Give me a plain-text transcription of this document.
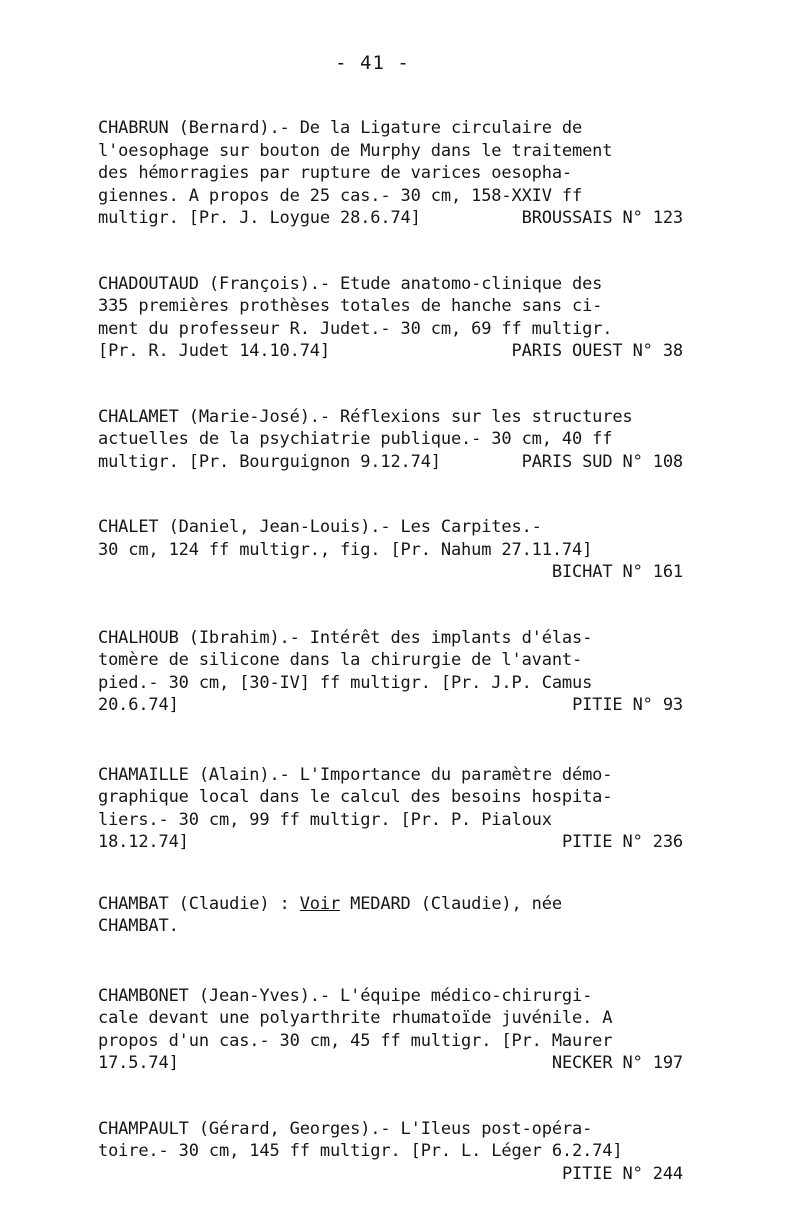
- 41 -
CHABRUN (Bernard).- De la Ligature circulaire de
l'oesophage sur bouton de Murphy dans le traitement
des hémorragies par rupture de varices oesopha-
giennes. A propos de 25 cas.- 30 cm, 158-XXIV ff
multigr. [Pr. J. Loygue 28.6.74]	BROUSSAIS N° 123
CHADOUTAUD (François).- Etude anatomo-clinique des
335 premières prothèses totales de hanche sans ci-
ment du professeur R. Judet.- 30 cm, 69 ff multigr.
[Pr. R. Judet 14.10.74]	PARIS OUEST N° 38
CHALAMET (Marie-José).- Réflexions sur les structures
actuelles de la psychiatrie publique.- 30 cm, 40 ff
multigr. [Pr. Bourguignon 9.12.74]	PARIS SUD N° 108
CHALET (Daniel, Jean-Louis).- Les Carpites.-
30 cm, 124 ff multigr., fig. [Pr. Nahum 27.11.74]
BICHAT N° 161
CHALHOUB (Ibrahim).- Intérêt des implants d'élas-
tomère de silicone dans la chirurgie de l'avant-
pied.- 30 cm, [30-IV] ff multigr. [Pr. J.P. Camus
20.6.74]	PITIE N° 93
CHAMAILLE (Alain).- L'Importance du paramètre démo-
graphique local dans le calcul des besoins hospita-
liers.- 30 cm, 99 ff multigr. [Pr. P. Pialoux
18.12.74]	PITIE N° 236
CHAMBAT (Claudie) : Voir MEDARD (Claudie), née
CHAMBAT.
CHAMBONET (Jean-Yves).- L'équipe médico-chirurgi-
cale devant une polyarthrite rhumatoïde juvénile. A
propos d'un cas.- 30 cm, 45 ff multigr. [Pr. Maurer
17.5.74]	NECKER N° 197
CHAMPAULT (Gérard, Georges).- L'Ileus post-opéra-
toire.- 30 cm, 145 ff multigr. [Pr. L. Léger 6.2.74]
PITIE N° 244
